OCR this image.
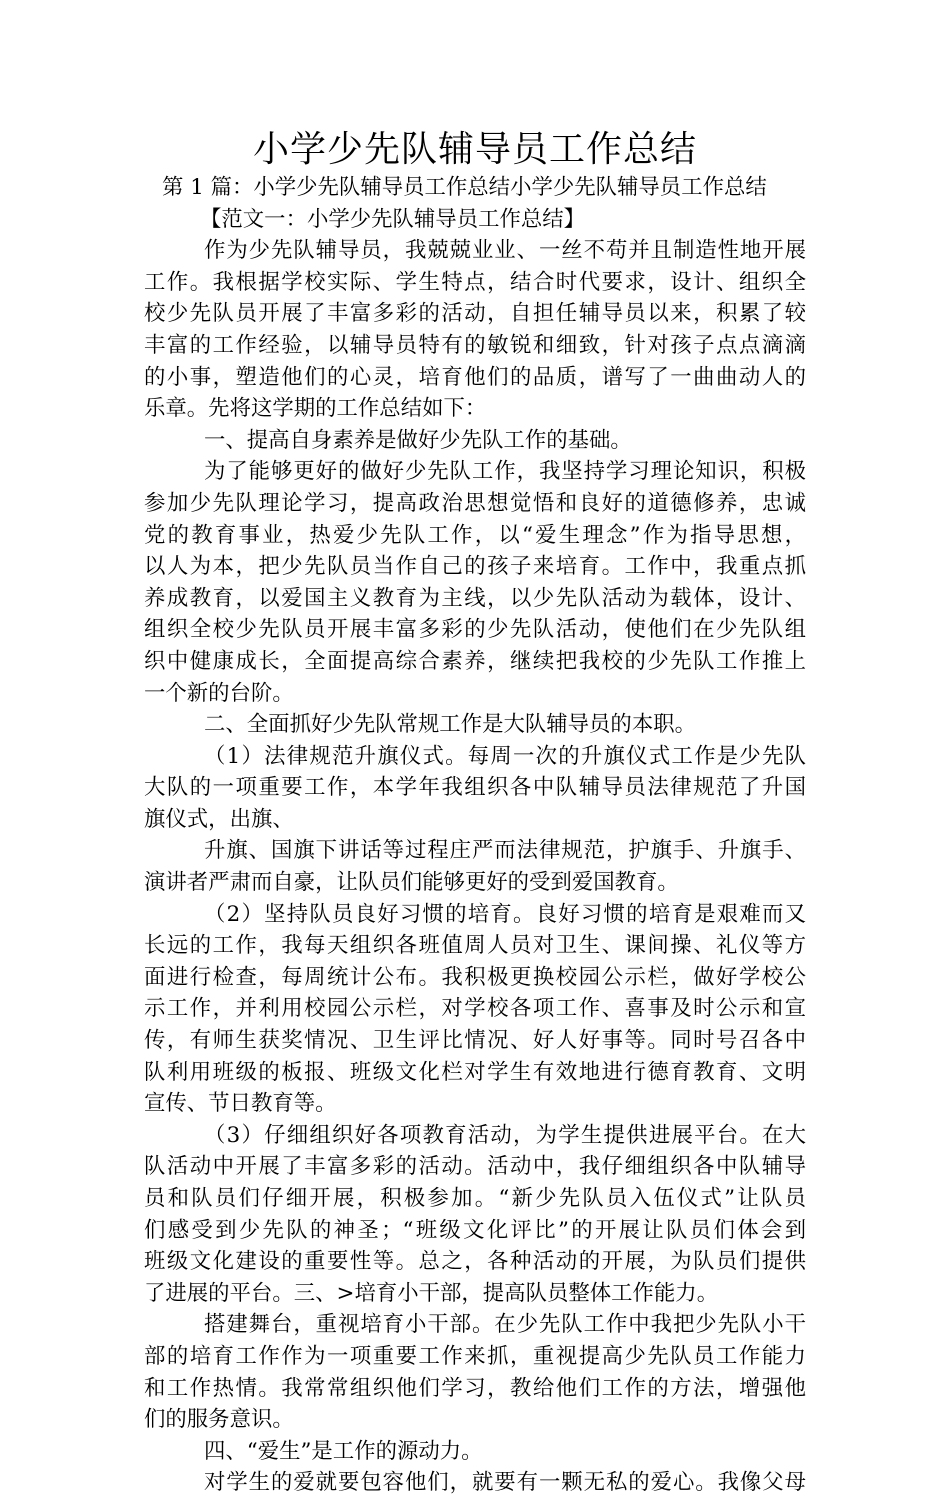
小学少先队辅导员工作总结
第 1 篇：小学少先队辅导员工作总结小学少先队辅导员工作总结
【范文一：小学少先队辅导员工作总结】
作为少先队辅导员，我兢兢业业、一丝不苟并且制造性地开展
工作。我根据学校实际、学生特点，结合时代要求，设计、组织全
校少先队员开展了丰富多彩的活动，自担任辅导员以来，积累了较
丰富的工作经验，以辅导员特有的敏锐和细致，针对孩子点点滴滴
的小事，塑造他们的心灵，培育他们的品质，谱写了一曲曲动人的
乐章。先将这学期的工作总结如下：
一、提高自身素养是做好少先队工作的基础。
为了能够更好的做好少先队工作，我坚持学习理论知识，积极
参加少先队理论学习，提高政治思想觉悟和良好的道德修养，忠诚
党的教育事业，热爱少先队工作，以“爱生理念”作为指导思想，
以人为本，把少先队员当作自己的孩子来培育。工作中，我重点抓
养成教育，以爱国主义教育为主线，以少先队活动为载体，设计、
组织全校少先队员开展丰富多彩的少先队活动，使他们在少先队组
织中健康成长，全面提高综合素养，继续把我校的少先队工作推上
一个新的台阶。
二、全面抓好少先队常规工作是大队辅导员的本职。
（1）法律规范升旗仪式。每周一次的升旗仪式工作是少先队
大队的一项重要工作，本学年我组织各中队辅导员法律规范了升国
旗仪式，出旗、
升旗、国旗下讲话等过程庄严而法律规范，护旗手、升旗手、
演讲者严肃而自豪，让队员们能够更好的受到爱国教育。
（2）坚持队员良好习惯的培育。良好习惯的培育是艰难而又
长远的工作，我每天组织各班值周人员对卫生、课间操、礼仪等方
面进行检查，每周统计公布。我积极更换校园公示栏，做好学校公
示工作，并利用校园公示栏，对学校各项工作、喜事及时公示和宣
传，有师生获奖情况、卫生评比情况、好人好事等。同时号召各中
队利用班级的板报、班级文化栏对学生有效地进行德育教育、文明
宣传、节日教育等。
（3）仔细组织好各项教育活动，为学生提供进展平台。在大
队活动中开展了丰富多彩的活动。活动中，我仔细组织各中队辅导
员和队员们仔细开展，积极参加。“新少先队员入伍仪式”让队员
们感受到少先队的神圣；“班级文化评比”的开展让队员们体会到
班级文化建设的重要性等。总之，各种活动的开展，为队员们提供
了进展的平台。三、>培育小干部，提高队员整体工作能力。
搭建舞台，重视培育小干部。在少先队工作中我把少先队小干
部的培育工作作为一项重要工作来抓，重视提高少先队员工作能力
和工作热情。我常常组织他们学习，教给他们工作的方法，增强他
们的服务意识。
四、“爱生”是工作的源动力。
对学生的爱就要包容他们，就要有一颗无私的爱心。我像父母
